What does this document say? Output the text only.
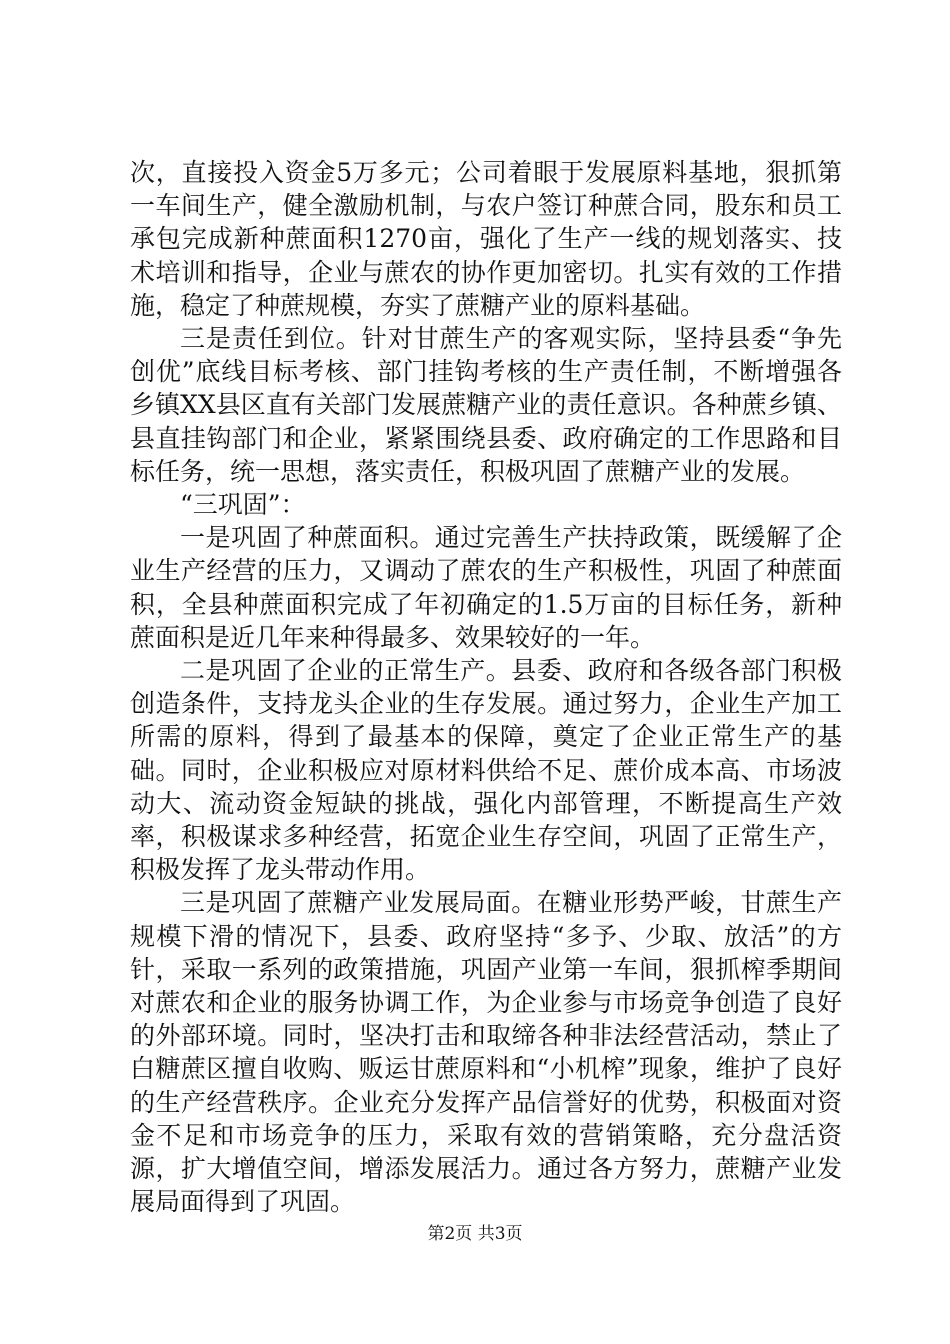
次，直接投入资金5万多元；公司着眼于发展原料基地，狠抓第一车间生产，健全激励机制，与农户签订种蔗合同，股东和员工承包完成新种蔗面积1270亩，强化了生产一线的规划落实、技术培训和指导，企业与蔗农的协作更加密切。扎实有效的工作措施，稳定了种蔗规模，夯实了蔗糖产业的原料基础。

三是责任到位。针对甘蔗生产的客观实际，坚持县委“争先创优”底线目标考核、部门挂钩考核的生产责任制，不断增强各乡镇XX县区直有关部门发展蔗糖产业的责任意识。各种蔗乡镇、县直挂钩部门和企业，紧紧围绕县委、政府确定的工作思路和目标任务，统一思想，落实责任，积极巩固了蔗糖产业的发展。

“三巩固”：

一是巩固了种蔗面积。通过完善生产扶持政策，既缓解了企业生产经营的压力，又调动了蔗农的生产积极性，巩固了种蔗面积，全县种蔗面积完成了年初确定的1.5万亩的目标任务，新种蔗面积是近几年来种得最多、效果较好的一年。

二是巩固了企业的正常生产。县委、政府和各级各部门积极创造条件，支持龙头企业的生存发展。通过努力，企业生产加工所需的原料，得到了最基本的保障，奠定了企业正常生产的基础。同时，企业积极应对原材料供给不足、蔗价成本高、市场波动大、流动资金短缺的挑战，强化内部管理，不断提高生产效率，积极谋求多种经营，拓宽企业生存空间，巩固了正常生产，积极发挥了龙头带动作用。

三是巩固了蔗糖产业发展局面。在糖业形势严峻，甘蔗生产规模下滑的情况下，县委、政府坚持“多予、少取、放活”的方针，采取一系列的政策措施，巩固产业第一车间，狠抓榨季期间对蔗农和企业的服务协调工作，为企业参与市场竞争创造了良好的外部环境。同时，坚决打击和取缔各种非法经营活动，禁止了白糖蔗区擅自收购、贩运甘蔗原料和“小机榨”现象，维护了良好的生产经营秩序。企业充分发挥产品信誉好的优势，积极面对资金不足和市场竞争的压力，采取有效的营销策略，充分盘活资源，扩大增值空间，增添发展活力。通过各方努力，蔗糖产业发展局面得到了巩固。

第2页 共3页
